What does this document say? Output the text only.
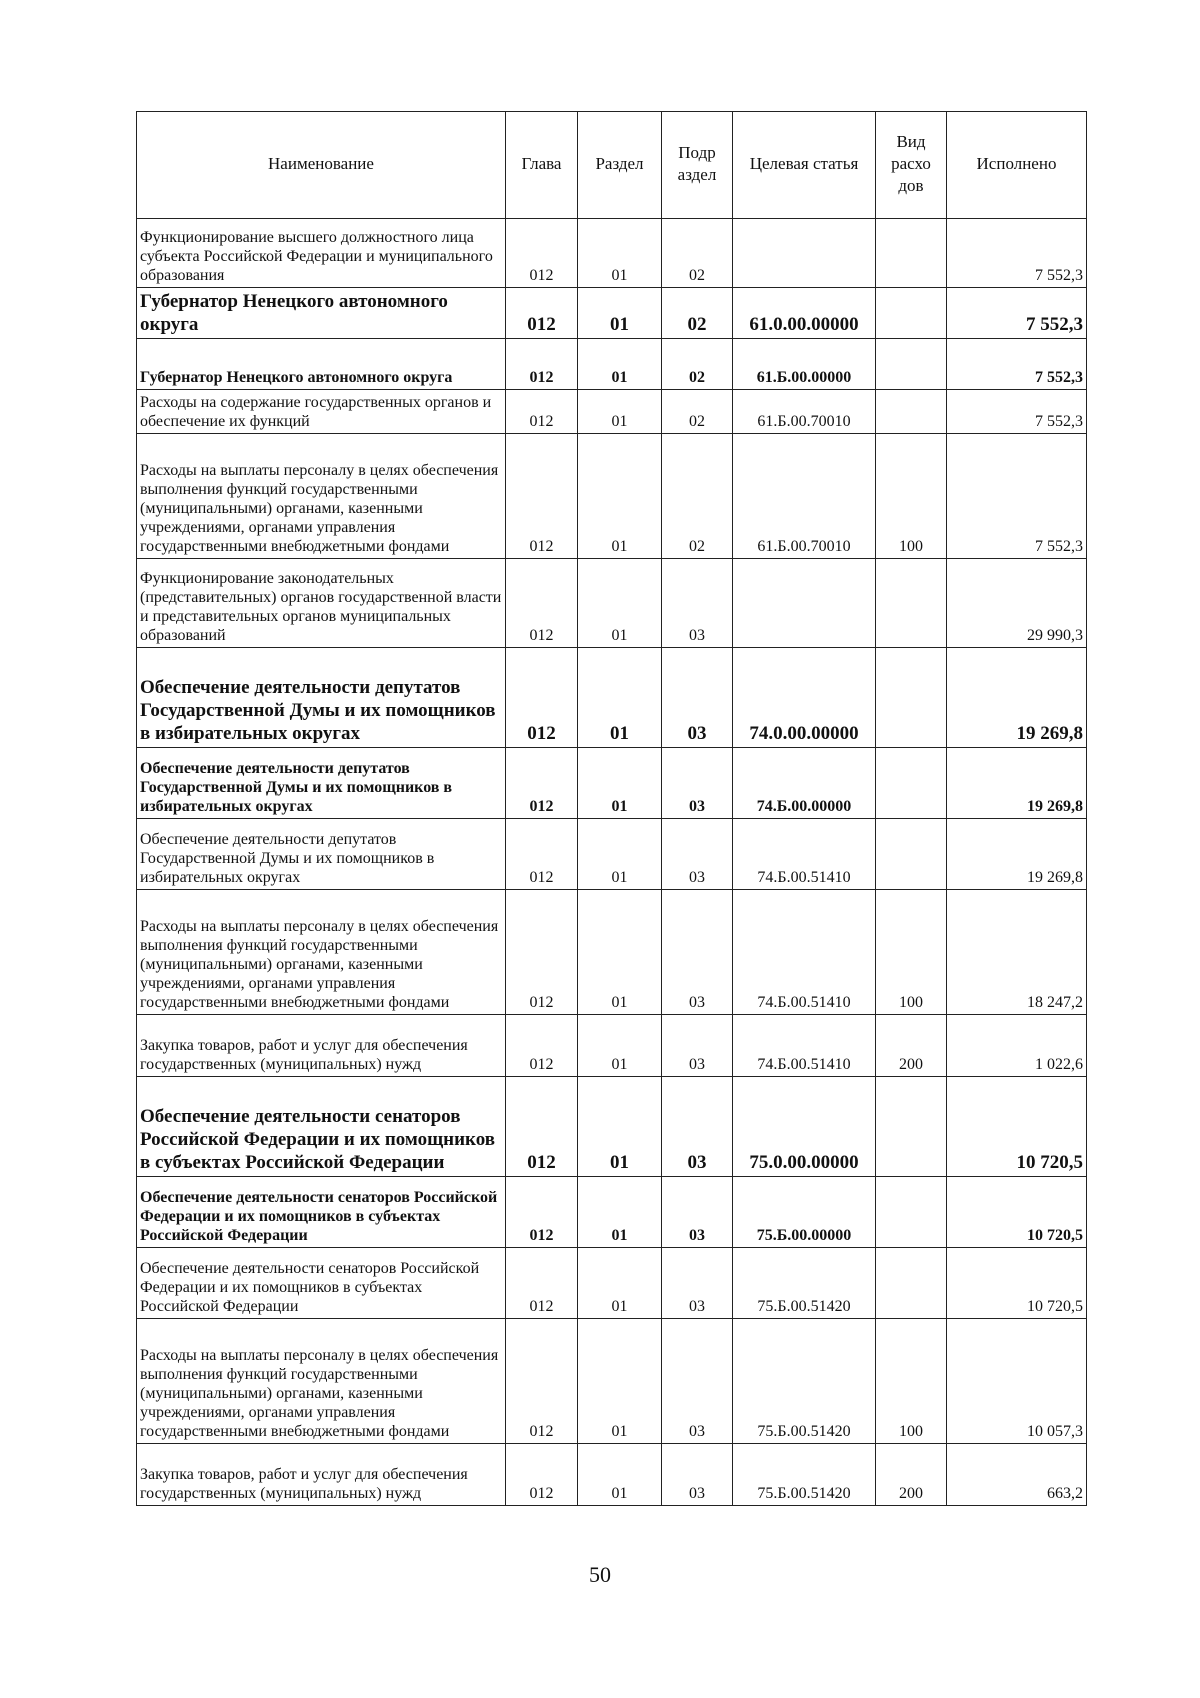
Наименование	Глава	Раздел	Подр аздел	Целевая статья	Вид расхо дов	Исполнено
Функционирование высшего должностного лица субъекта Российской Федерации и муниципального образования	012	01	02			7 552,3
Губернатор Ненецкого автономного округа	012	01	02	61.0.00.00000		7 552,3
Губернатор Ненецкого автономного округа	012	01	02	61.Б.00.00000		7 552,3
Расходы на содержание государственных органов и обеспечение их функций	012	01	02	61.Б.00.70010		7 552,3
Расходы на выплаты персоналу в целях обеспечения выполнения функций государственными (муниципальными) органами, казенными учреждениями, органами управления государственными внебюджетными фондами	012	01	02	61.Б.00.70010	100	7 552,3
Функционирование законодательных (представительных) органов государственной власти и представительных органов муниципальных образований	012	01	03			29 990,3
Обеспечение деятельности депутатов Государственной Думы и их помощников в избирательных округах	012	01	03	74.0.00.00000		19 269,8
Обеспечение деятельности депутатов Государственной Думы и их помощников в избирательных округах	012	01	03	74.Б.00.00000		19 269,8
Обеспечение деятельности депутатов Государственной Думы и их помощников в избирательных округах	012	01	03	74.Б.00.51410		19 269,8
Расходы на выплаты персоналу в целях обеспечения выполнения функций государственными (муниципальными) органами, казенными учреждениями, органами управления государственными внебюджетными фондами	012	01	03	74.Б.00.51410	100	18 247,2
Закупка товаров, работ и услуг для обеспечения государственных (муниципальных) нужд	012	01	03	74.Б.00.51410	200	1 022,6
Обеспечение деятельности сенаторов Российской Федерации и их помощников в субъектах Российской Федерации	012	01	03	75.0.00.00000		10 720,5
Обеспечение деятельности сенаторов Российской Федерации и их помощников в субъектах Российской Федерации	012	01	03	75.Б.00.00000		10 720,5
Обеспечение деятельности сенаторов Российской Федерации и их помощников в субъектах Российской Федерации	012	01	03	75.Б.00.51420		10 720,5
Расходы на выплаты персоналу в целях обеспечения выполнения функций государственными (муниципальными) органами, казенными учреждениями, органами управления государственными внебюджетными фондами	012	01	03	75.Б.00.51420	100	10 057,3
Закупка товаров, работ и услуг для обеспечения государственных (муниципальных) нужд	012	01	03	75.Б.00.51420	200	663,2
50
